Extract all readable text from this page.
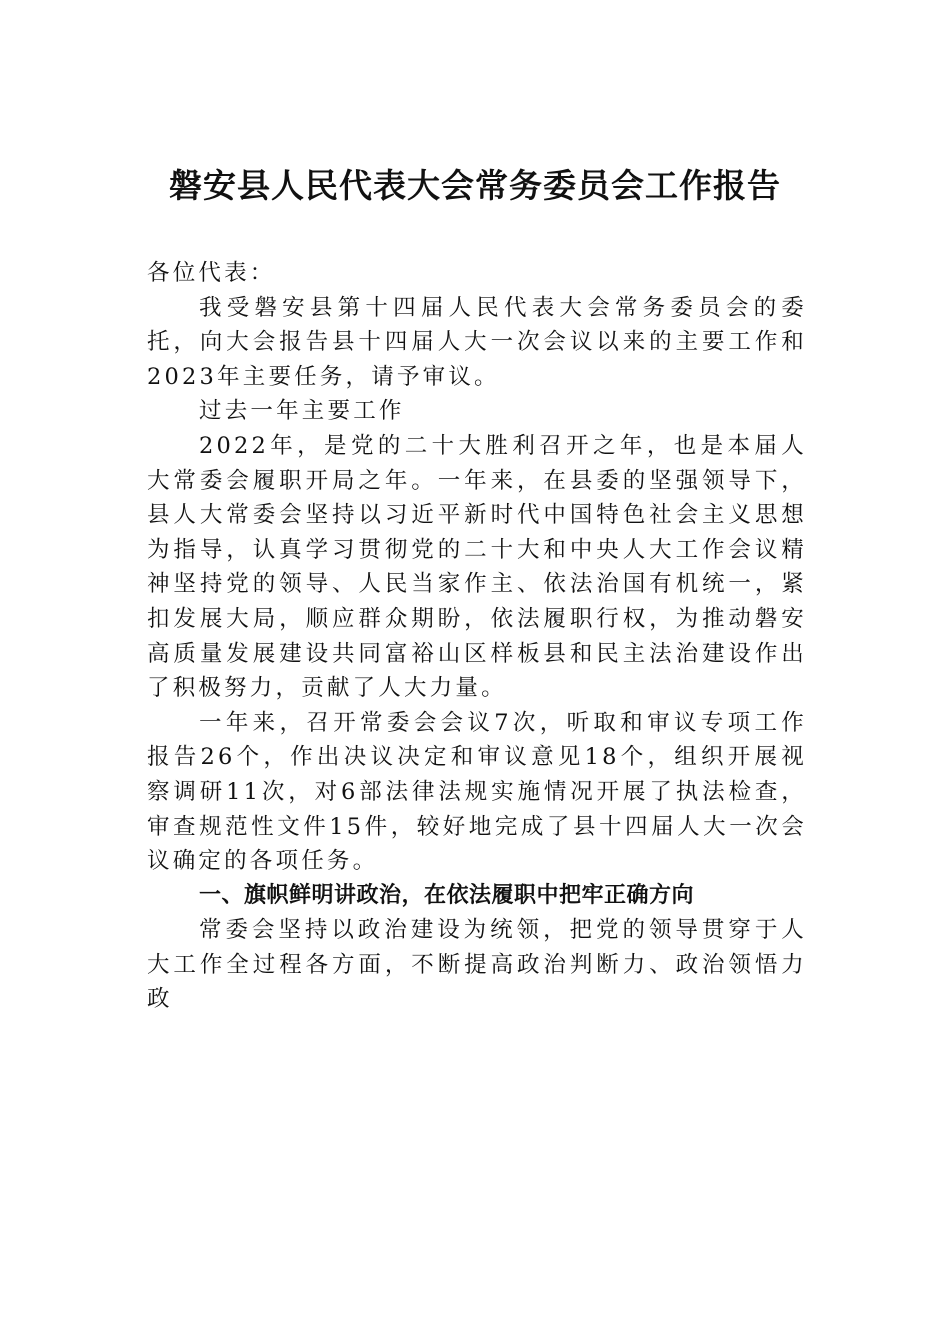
磐安县人民代表大会常务委员会工作报告

各位代表：

我受磐安县第十四届人民代表大会常务委员会的委托，向大会报告县十四届人大一次会议以来的主要工作和2023年主要任务，请予审议。

过去一年主要工作

2022年，是党的二十大胜利召开之年，也是本届人大常委会履职开局之年。一年来，在县委的坚强领导下，县人大常委会坚持以习近平新时代中国特色社会主义思想为指导，认真学习贯彻党的二十大和中央人大工作会议精神坚持党的领导、人民当家作主、依法治国有机统一，紧扣发展大局，顺应群众期盼，依法履职行权，为推动磐安高质量发展建设共同富裕山区样板县和民主法治建设作出了积极努力，贡献了人大力量。

一年来，召开常委会会议7次，听取和审议专项工作报告26个，作出决议决定和审议意见18个，组织开展视察调研11次，对6部法律法规实施情况开展了执法检查，审查规范性文件15件，较好地完成了县十四届人大一次会议确定的各项任务。

一、旗帜鲜明讲政治，在依法履职中把牢正确方向

常委会坚持以政治建设为统领，把党的领导贯穿于人大工作全过程各方面，不断提高政治判断力、政治领悟力政
